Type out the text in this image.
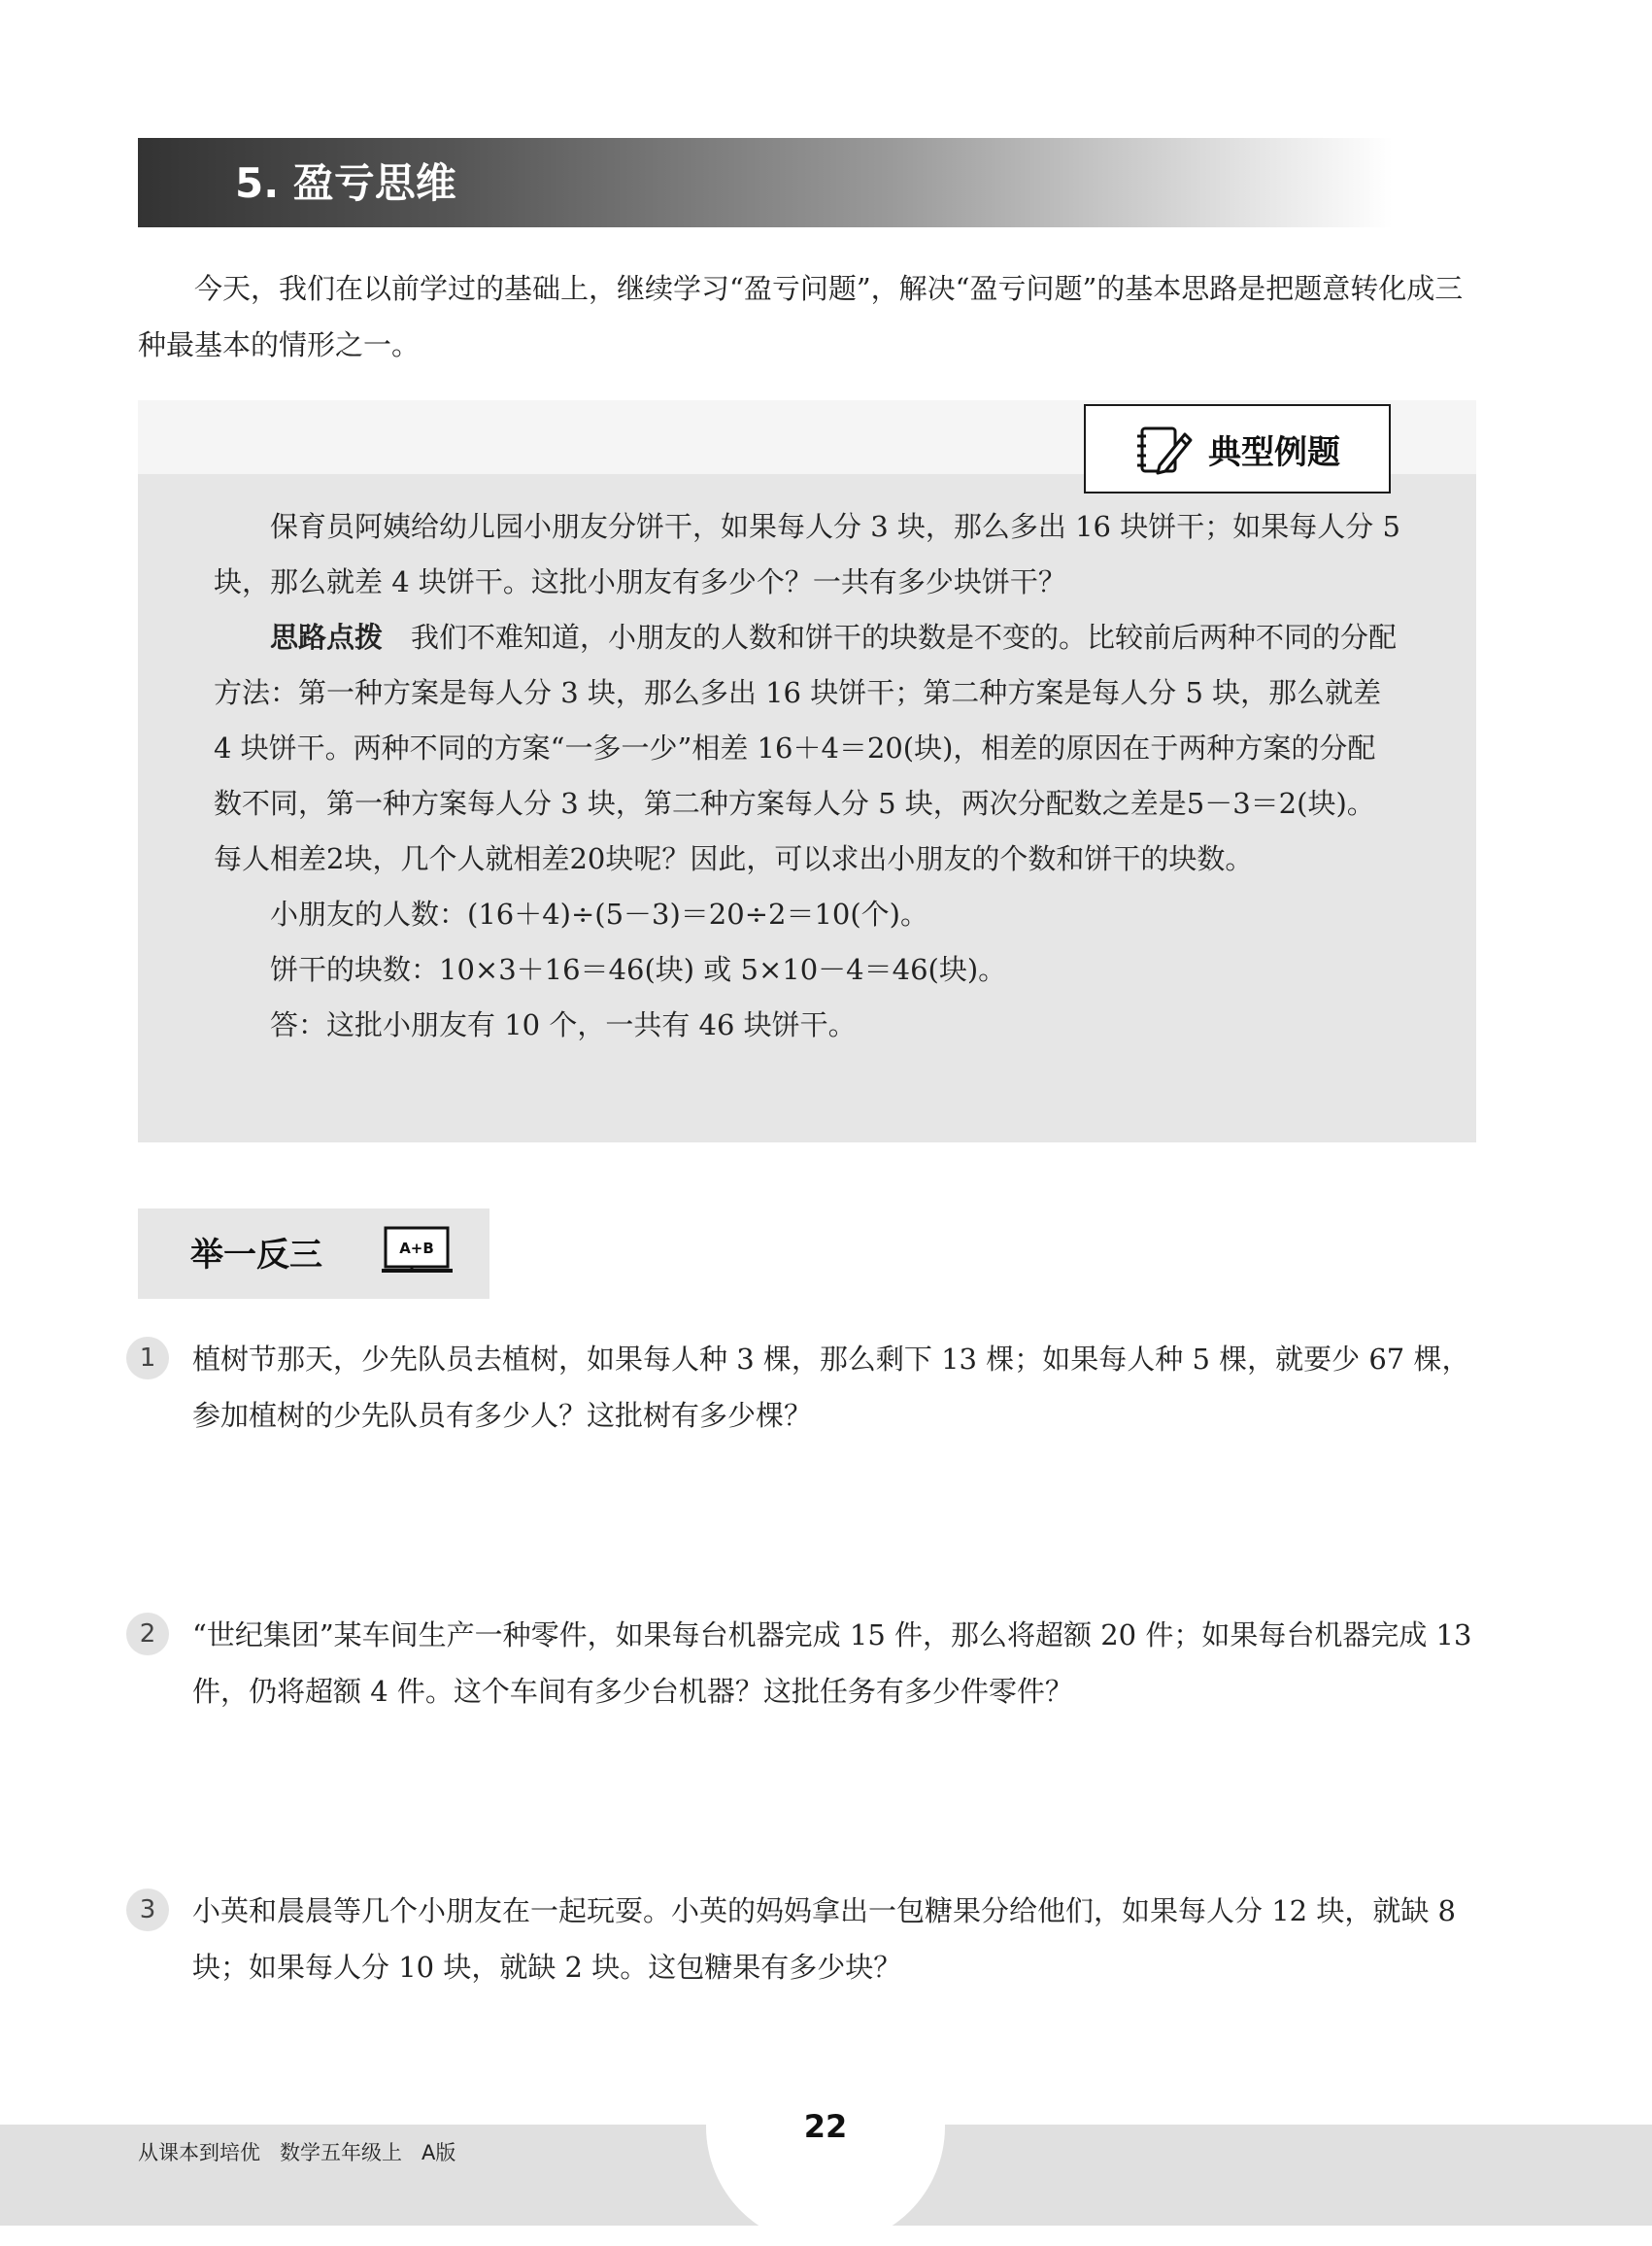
5. 盈亏思维
今天，我们在以前学过的基础上，继续学习“盈亏问题”，解决“盈亏问题”的基本思路是把题意转化成三种最基本的情形之一。
典型例题

保育员阿姨给幼儿园小朋友分饼干，如果每人分 3 块，那么多出 16 块饼干；如果每人分 5 块，那么就差 4 块饼干。这批小朋友有多少个？一共有多少块饼干？

思路点拨　 我们不难知道，小朋友的人数和饼干的块数是不变的。比较前后两种不同的分配方法：第一种方案是每人分 3 块，那么多出 16 块饼干；第二种方案是每人分 5 块，那么就差 4 块饼干。两种不同的方案“一多一少”相差 16＋4＝20(块)，相差的原因在于两种方案的分配数不同，第一种方案每人分 3 块，第二种方案每人分 5 块，两次分配数之差是5－3＝2(块)。每人相差2块，几个人就相差20块呢？因此，可以求出小朋友的个数和饼干的块数。

小朋友的人数：(16＋4)÷(5－3)＝20÷2＝10(个)。

饼干的块数：10×3＋16＝46(块) 或 5×10－4＝46(块)。

答：这批小朋友有 10 个，一共有 46 块饼干。

举一反三	A+B
1	植树节那天，少先队员去植树，如果每人种 3 棵，那么剩下 13 棵；如果每人种 5 棵，就要少 67 棵，参加植树的少先队员有多少人？这批树有多少棵？
2	“世纪集团”某车间生产一种零件，如果每台机器完成 15 件，那么将超额 20 件；如果每台机器完成 13 件，仍将超额 4 件。这个车间有多少台机器？这批任务有多少件零件？
3	小英和晨晨等几个小朋友在一起玩耍。小英的妈妈拿出一包糖果分给他们，如果每人分 12 块，就缺 8 块；如果每人分 10 块，就缺 2 块。这包糖果有多少块？
从课本到培优   数学五年级上   A版
22
